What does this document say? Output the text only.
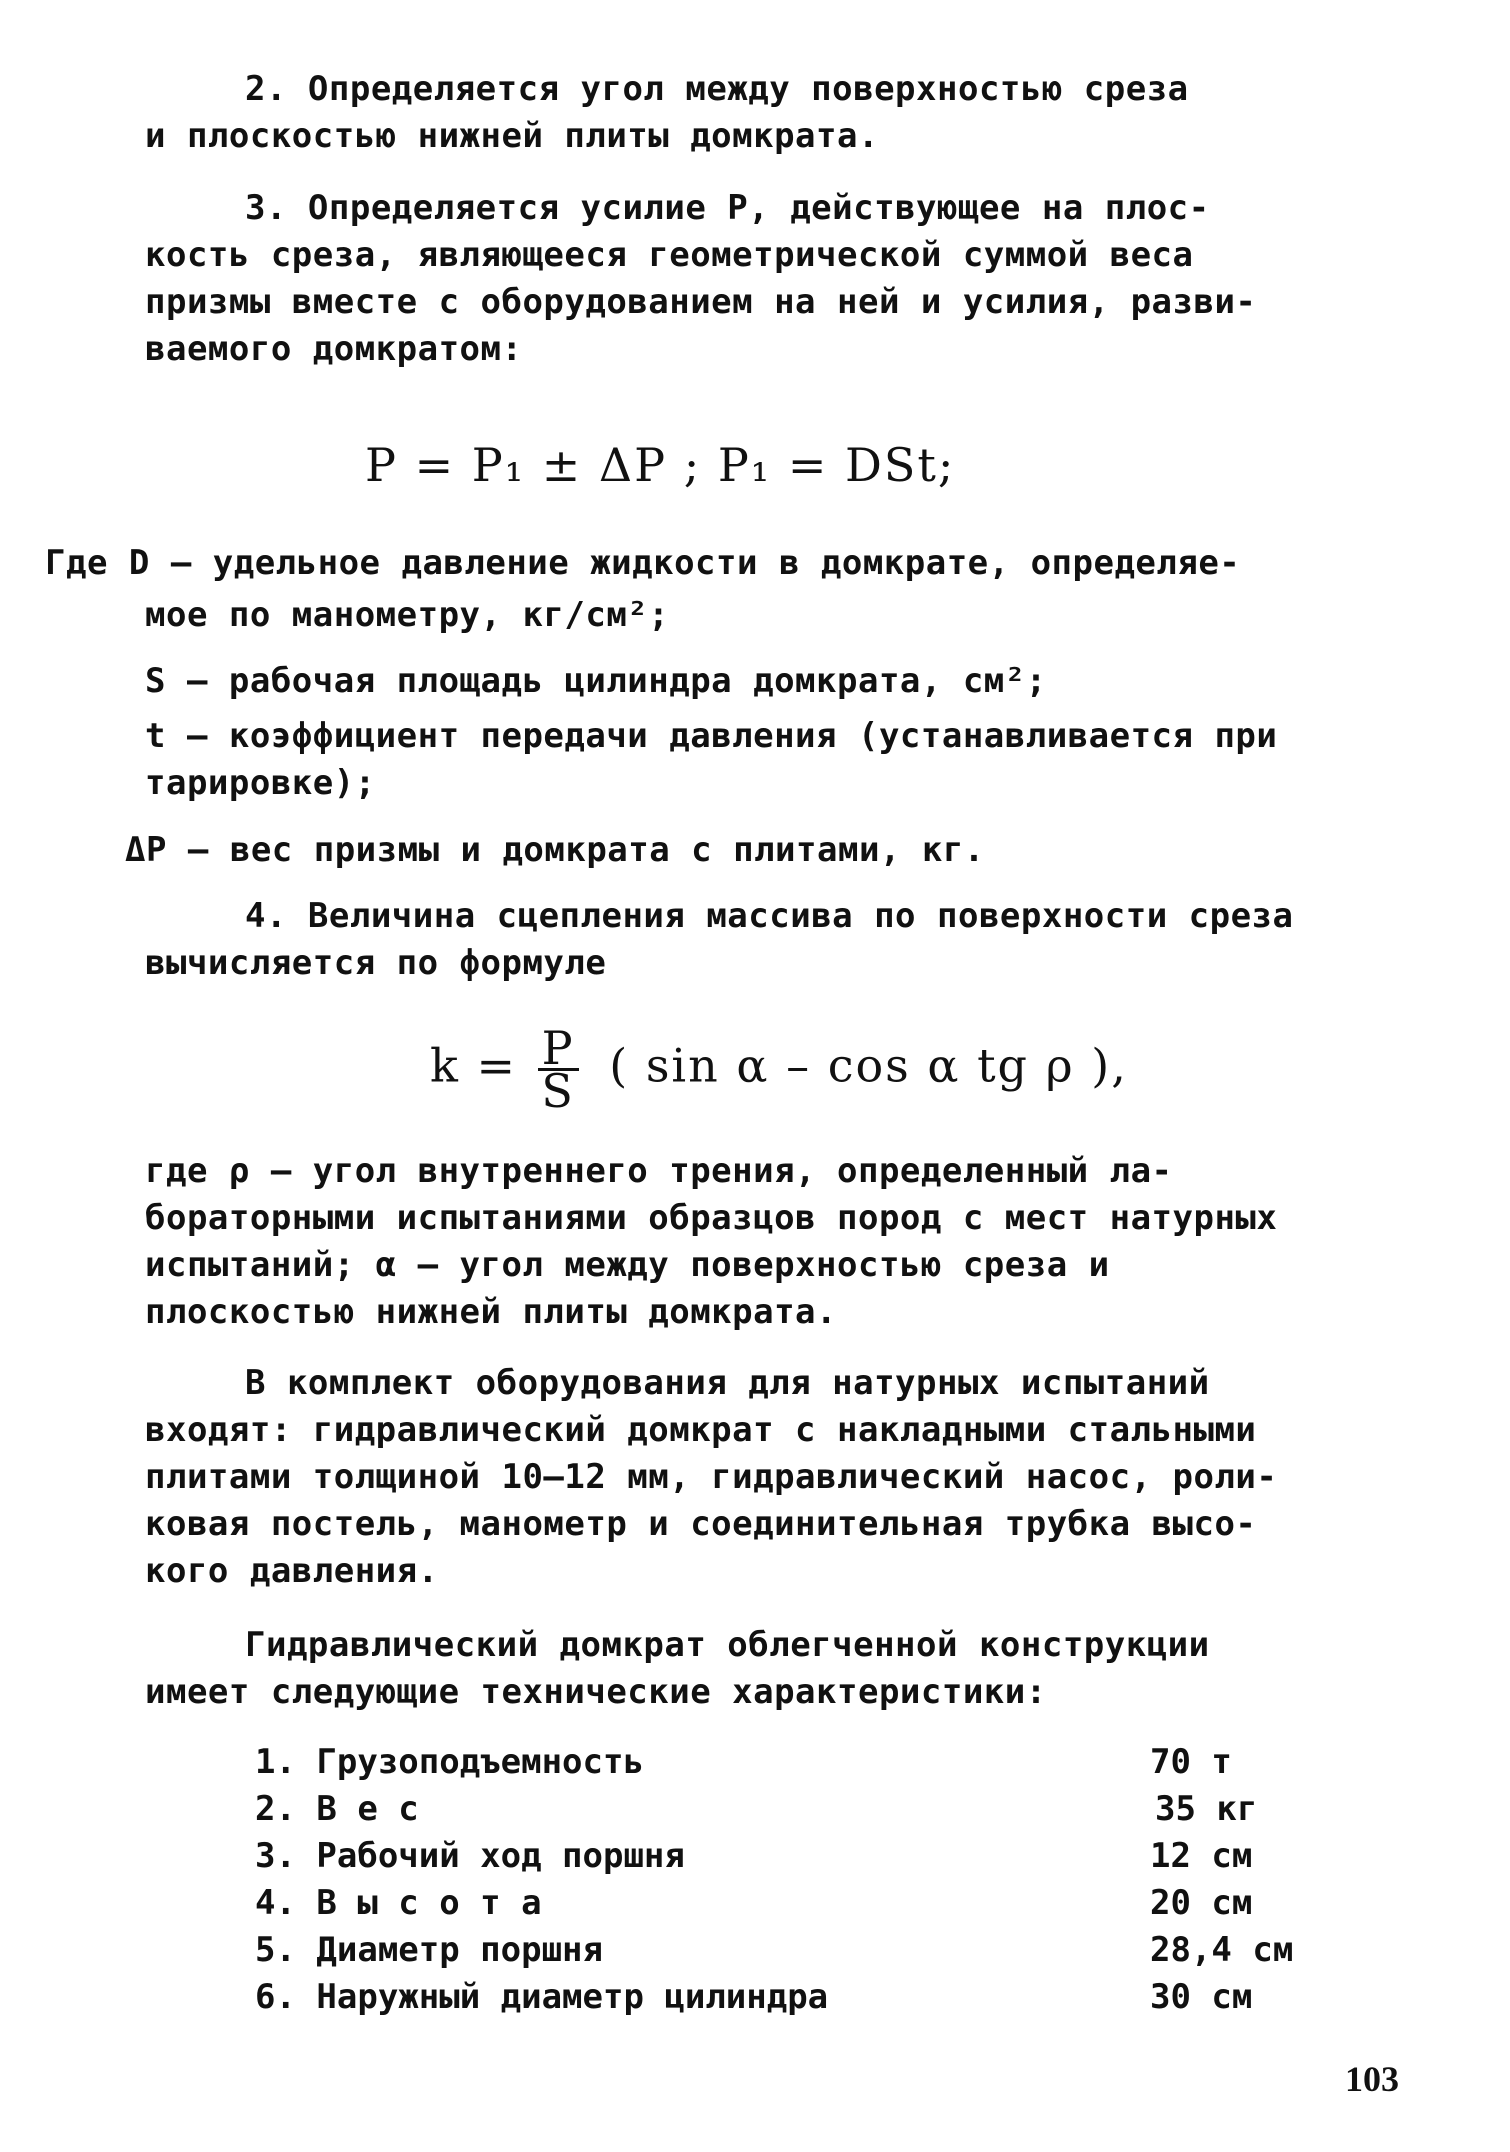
2. Определяется угол между поверхностью среза
и плоскостью нижней плиты домкрата.
3. Определяется усилие P, действующее на плос-
кость среза, являющееся геометрической суммой веса
призмы вместе с оборудованием на ней и усилия, разви-
ваемого домкратом:
P = P₁ ± ΔP ; P₁ = DSt;
Где D – удельное давление жидкости в домкрате, определяе-
мое по манометру, кг/см²;
S – рабочая площадь цилиндра домкрата, см²;
t – коэффициент передачи давления (устанавливается при
тарировке);
ΔP – вес призмы и домкрата с плитами, кг.
4. Величина сцепления массива по поверхности среза
вычисляется по формуле
$k = \frac{P}{S}$ ( sin α – cos α tg ρ ),
где ρ – угол внутреннего трения, определенный ла-
бораторными испытаниями образцов пород с мест натурных
испытаний; α – угол между поверхностью среза и
плоскостью нижней плиты домкрата.
В комплект оборудования для натурных испытаний
входят: гидравлический домкрат с накладными стальными
плитами толщиной 10–12 мм, гидравлический насос, роли-
ковая постель, манометр и соединительная трубка высо-
кого давления.
Гидравлический домкрат облегченной конструкции
имеет следующие технические характеристики:
1. Грузоподъемность	70 т
2. В е с	35 кг
3. Рабочий ход поршня	12 см
4. В ы с о т а	20 см
5. Диаметр поршня	28,4 см
6. Наружный диаметр цилиндра	30 см
103
